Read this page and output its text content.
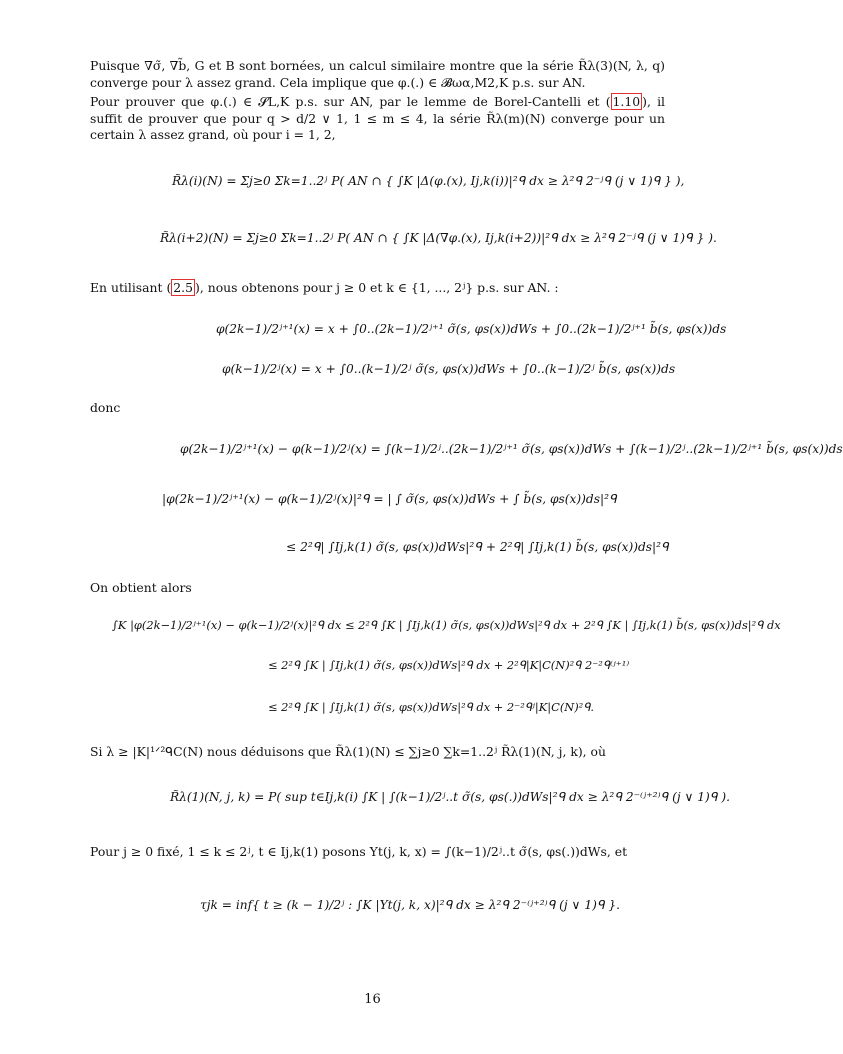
Puisque ∇σ̃, ∇b̃, G et B sont bornées, un calcul similaire montre que la série R̃λ(3)(N, λ, q) converge pour λ assez grand. Cela implique que φ.(.) ∈ 𝓑ωα,M2,K p.s. sur AN.
Pour prouver que φ.(.) ∈ 𝓢L,K p.s. sur AN, par le lemme de Borel-Cantelli et ( 1.10 ), il suffit de prouver que pour q > d/2 ∨ 1, 1 ≤ m ≤ 4, la série R̃λ(m)(N) converge pour un certain λ assez grand, où pour i = 1, 2,
R̃λ(i)(N) = Σj≥0 Σk=1..2ʲ P( AN ∩ { ∫K |Δ(φ.(x), Ij,k(i))|²ᑫ dx ≥ λ²ᑫ 2⁻ʲᑫ (j ∨ 1)ᑫ } ),
R̃λ(i+2)(N) = Σj≥0 Σk=1..2ʲ P( AN ∩ { ∫K |Δ(∇φ.(x), Ij,k(i+2))|²ᑫ dx ≥ λ²ᑫ 2⁻ʲᑫ (j ∨ 1)ᑫ } ).
En utilisant ( 2.5 ), nous obtenons pour j ≥ 0 et k ∈ {1, ..., 2ʲ} p.s. sur AN. :
φ(2k−1)/2ʲ⁺¹(x) = x + ∫0..(2k−1)/2ʲ⁺¹ σ̃(s, φs(x))dWs + ∫0..(2k−1)/2ʲ⁺¹ b̃(s, φs(x))ds
φ(k−1)/2ʲ(x) = x + ∫0..(k−1)/2ʲ σ̃(s, φs(x))dWs + ∫0..(k−1)/2ʲ b̃(s, φs(x))ds
donc
φ(2k−1)/2ʲ⁺¹(x) − φ(k−1)/2ʲ(x) = ∫(k−1)/2ʲ..(2k−1)/2ʲ⁺¹ σ̃(s, φs(x))dWs + ∫(k−1)/2ʲ..(2k−1)/2ʲ⁺¹ b̃(s, φs(x))ds
|φ(2k−1)/2ʲ⁺¹(x) − φ(k−1)/2ʲ(x)|²ᑫ = | ∫ σ̃(s, φs(x))dWs + ∫ b̃(s, φs(x))ds|²ᑫ
≤ 2²ᑫ| ∫Ij,k(1) σ̃(s, φs(x))dWs|²ᑫ + 2²ᑫ| ∫Ij,k(1) b̃(s, φs(x))ds|²ᑫ
On obtient alors
∫K |φ(2k−1)/2ʲ⁺¹(x) − φ(k−1)/2ʲ(x)|²ᑫ dx ≤ 2²ᑫ ∫K | ∫Ij,k(1) σ̃(s, φs(x))dWs|²ᑫ dx + 2²ᑫ ∫K | ∫Ij,k(1) b̃(s, φs(x))ds|²ᑫ dx
≤ 2²ᑫ ∫K | ∫Ij,k(1) σ̃(s, φs(x))dWs|²ᑫ dx + 2²ᑫ|K|C(N)²ᑫ 2⁻²ᑫ⁽ʲ⁺¹⁾
≤ 2²ᑫ ∫K | ∫Ij,k(1) σ̃(s, φs(x))dWs|²ᑫ dx + 2⁻²ᑫʲ|K|C(N)²ᑫ.
Si λ ≥ |K|¹ᐟ²ᑫC(N) nous déduisons que R̃λ(1)(N) ≤ ∑j≥0 ∑k=1..2ʲ R̃λ(1)(N, j, k), où
R̃λ(1)(N, j, k) = P( sup t∈Ij,k(i) ∫K | ∫(k−1)/2ʲ..t σ̃(s, φs(.))dWs|²ᑫ dx ≥ λ²ᑫ 2⁻⁽ʲ⁺²⁾ᑫ (j ∨ 1)ᑫ ).
Pour j ≥ 0 fixé, 1 ≤ k ≤ 2ʲ, t ∈ Ij,k(1) posons Yt(j, k, x) = ∫(k−1)/2ʲ..t σ̃(s, φs(.))dWs, et
τjk = inf{ t ≥ (k − 1)/2ʲ : ∫K |Yt(j, k, x)|²ᑫ dx ≥ λ²ᑫ 2⁻⁽ʲ⁺²⁾ᑫ (j ∨ 1)ᑫ }.
16
